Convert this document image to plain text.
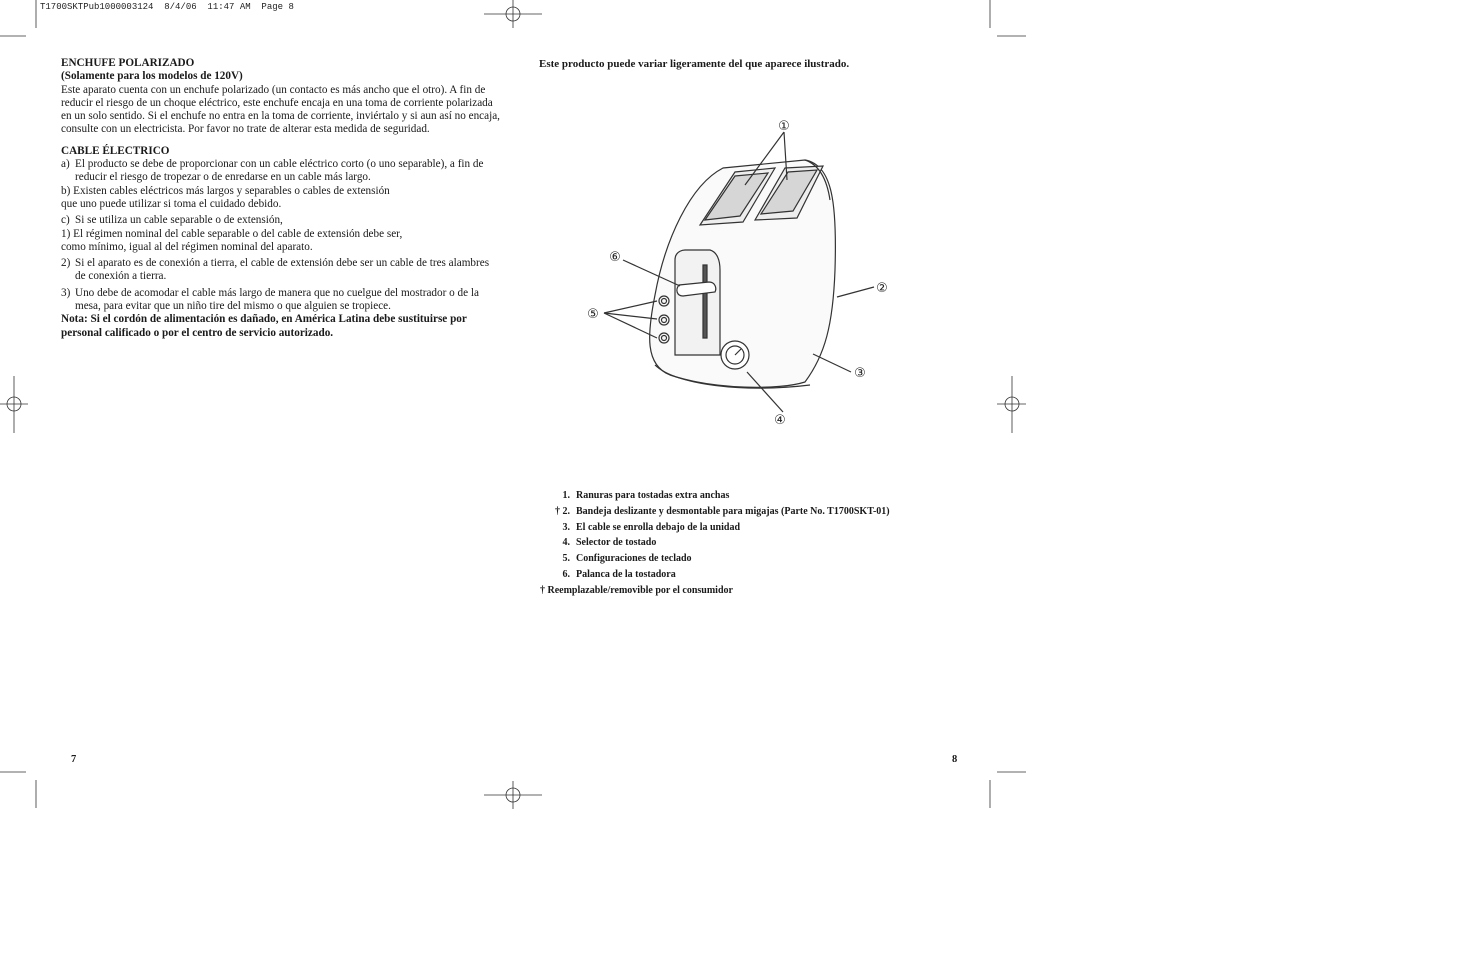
T1700SKTPub1000003124  8/4/06  11:47 AM  Page 8
ENCHUFE POLARIZADO
(Solamente para los modelos de 120V)

Este aparato cuenta con un enchufe polarizado (un contacto es más ancho que el otro). A fin de reducir el riesgo de un choque eléctrico, este enchufe encaja en una toma de corriente polarizada en un solo sentido. Si el enchufe no entra en la toma de corriente, inviértalo y si aun así no encaja, consulte con un electricista. Por favor no trate de alterar esta medida de seguridad.

CABLE ÉLECTRICO
a) El producto se debe de proporcionar con un cable eléctrico corto (o uno separable), a fin de reducir el riesgo de tropezar o de enredarse en un cable más largo.

b) Existen cables eléctricos más largos y separables o cables de extensión

que uno puede utilizar si toma el cuidado debido.

c) Si se utiliza un cable separable o de extensión,

1) El régimen nominal del cable separable o del cable de extensión debe ser,

como mínimo, igual al del régimen nominal del aparato.

2) Si el aparato es de conexión a tierra, el cable de extensión debe ser un cable de tres alambres de conexión a tierra.
3) Uno debe de acomodar el cable más largo de manera que no cuelgue del mostrador o de la mesa, para evitar que un niño tire del mismo o que alguien se tropiece.

Nota: Si el cordón de alimentación es dañado, en América Latina debe sustituirse por personal calificado o por el centro de servicio autorizado.

Este producto puede variar ligeramente del que aparece ilustrado.
①
②
③
④
⑤
⑥
1. Ranuras para tostadas extra anchas
† 2. Bandeja deslizante y desmontable para migajas (Parte No. T1700SKT-01)
3. El cable se enrolla debajo de la unidad
4. Selector de tostado
5. Configuraciones de teclado
6. Palanca de la tostadora
† Reemplazable/removible por el consumidor
7	8
